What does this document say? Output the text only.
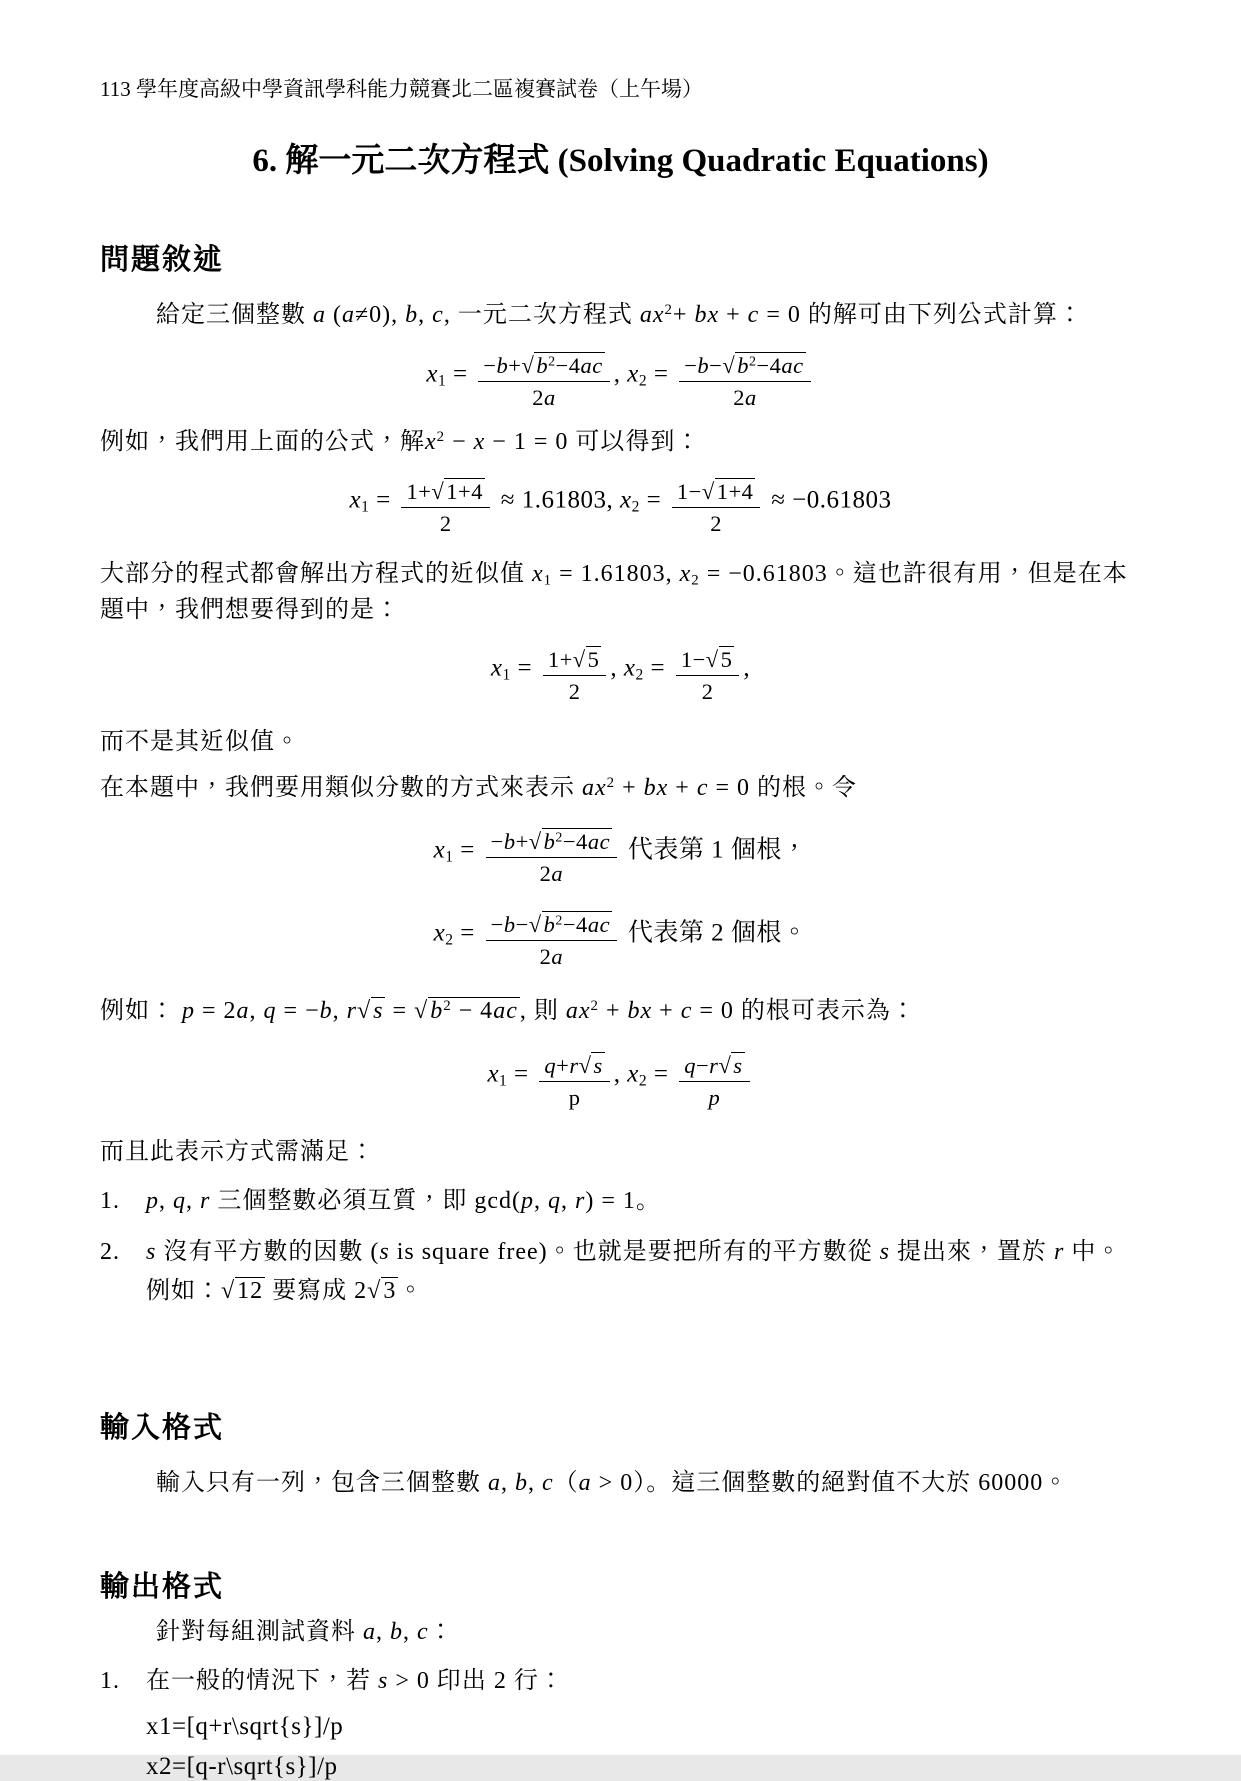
113 學年度高級中學資訊學科能力競賽北二區複賽試卷（上午場）
6. 解一元二次方程式 (Solving Quadratic Equations)
問題敘述

給定三個整數 a (a≠0), b, c, 一元二次方程式 $ax^2+$ bx + c = 0 的解可由下列公式計算：

$x1 = \frac{-b+√b^2-4ac}{2a}$ , $x2 = \frac{-b-√b^2-4ac}{2a}$

例如，我們用上面的公式，解$x^2 - x - 1 = 0$ 可以得到：

$x1 = \frac{1+√1+4}{2} \approx 1.61803$, $x2 = \frac{1-√1+4}{2} \approx -0.61803$

大部分的程式都會解出方程式的近似值 x1 = 1.61803, x2 = −0.61803。這也許很有用，但是在本題中，我們想要得到的是：

$x1 = \frac{1+√5}{2}$ , $x2 = \frac{1-√5}{2}$ ,

而不是其近似值。

在本題中，我們要用類似分數的方式來表示 $ax^2$ + bx + c = 0 的根。令

$x1 = \frac{-b+√b^2-4ac}{2a}$ 代表第 1 個根，
$x2 = \frac{-b-√b^2-4ac}{2a}$ 代表第 2 個根。

例如： p = 2a, q = −b, $r√s = √b^2 - 4ac$, 則 $ax^2$ + bx + c = 0 的根可表示為：

$x1 = \frac{q+r√s}{p}$ , $x2 = \frac{q-r√s}{p}$

而且此表示方式需滿足：

1. p, q, r 三個整數必須互質，即 gcd(p, q, r) = 1。
2. s 沒有平方數的因數 (s is square free)。也就是要把所有的平方數從 s 提出來，置於 r 中。例如：√12 要寫成 2√3。
輸入格式

輸入只有一列，包含三個整數 a, b, c（a > 0）。這三個整數的絕對值不大於 60000。

輸出格式

針對每組測試資料 a, b, c：

1. 在一般的情況下，若 s > 0 印出 2 行：
x1=[q+r\sqrt{s}]/p
x2=[q-r\sqrt{s}]/p
